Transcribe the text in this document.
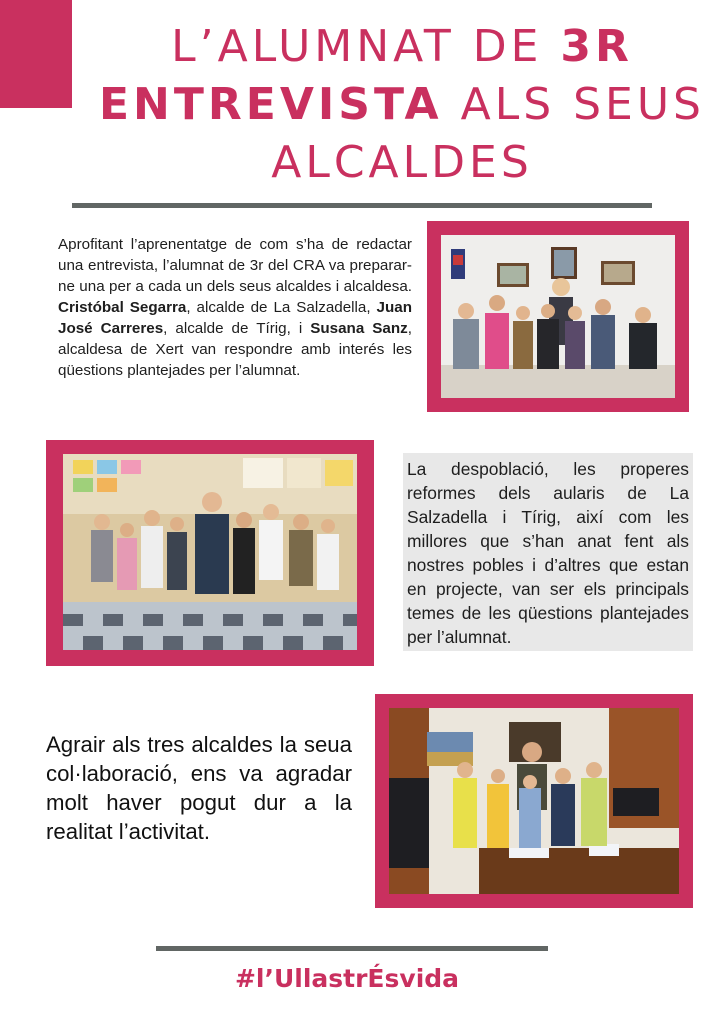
L’ALUMNAT DE 3R
ENTREVISTA ALS SEUS
ALCALDES

Aprofitant l’aprenentatge de com s’ha de redactar una entrevista, l’alumnat de 3r del CRA va preparar-ne una per a cada un dels seus alcaldes i alcaldesa. Cristóbal Segarra, alcalde de La Salzadella, Juan José Carreres, alcalde de Tírig, i Susana Sanz, alcaldesa de Xert van respondre amb interés les qüestions plantejades per l’alumnat.

La despoblació, les properes reformes dels aularis de La Salzadella i Tírig, així com les millores que s’han anat fent als nostres pobles i d’altres que estan en projecte, van ser els principals temes de les qüestions plantejades per l’alumnat.

Agrair als tres alcaldes la seua col·laboració, ens va agradar molt haver pogut dur a la realitat l’activitat.

#l’UllastrÉsvida
